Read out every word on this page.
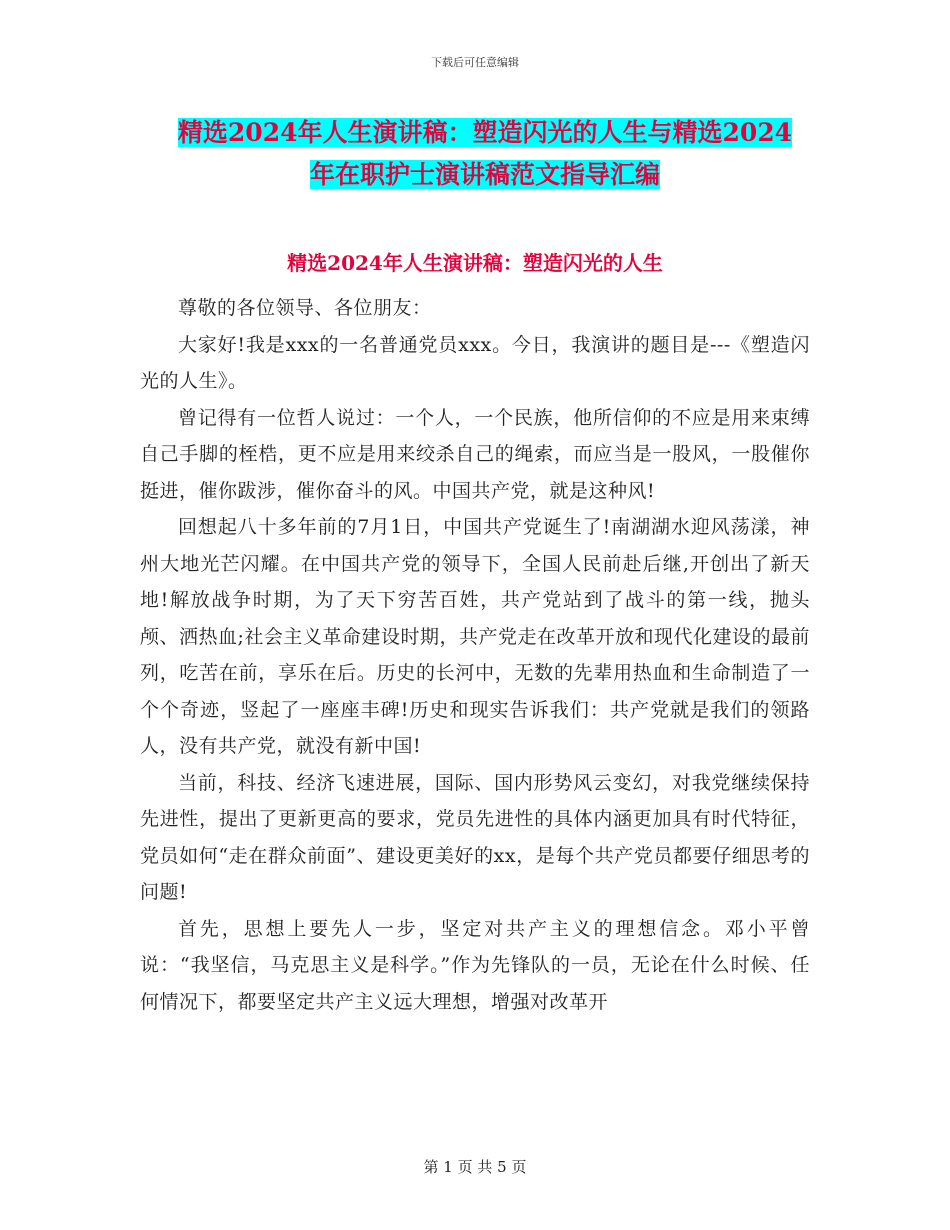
下载后可任意编辑
精选2024年人生演讲稿：塑造闪光的人生与精选2024
年在职护士演讲稿范文指导汇编
精选2024年人生演讲稿：塑造闪光的人生

尊敬的各位领导、各位朋友：

大家好!我是xxx的一名普通党员xxx。今日，我演讲的题目是---《塑造闪光的人生》。

曾记得有一位哲人说过：一个人，一个民族，他所信仰的不应是用来束缚自己手脚的桎梏，更不应是用来绞杀自己的绳索，而应当是一股风，一股催你挺进，催你跋涉，催你奋斗的风。中国共产党，就是这种风!

回想起八十多年前的7月1日，中国共产党诞生了!南湖湖水迎风荡漾，神州大地光芒闪耀。在中国共产党的领导下，全国人民前赴后继,开创出了新天地!解放战争时期，为了天下穷苦百姓，共产党站到了战斗的第一线，抛头颅、洒热血;社会主义革命建设时期，共产党走在改革开放和现代化建设的最前列，吃苦在前，享乐在后。历史的长河中，无数的先辈用热血和生命制造了一个个奇迹，竖起了一座座丰碑!历史和现实告诉我们：共产党就是我们的领路人，没有共产党，就没有新中国!

当前，科技、经济飞速进展，国际、国内形势风云变幻，对我党继续保持先进性，提出了更新更高的要求，党员先进性的具体内涵更加具有时代特征，党员如何“走在群众前面”、建设更美好的xx，是每个共产党员都要仔细思考的问题!

首先，思想上要先人一步，坚定对共产主义的理想信念。邓小平曾说：“我坚信，马克思主义是科学。”作为先锋队的一员，无论在什么时候、任何情况下，都要坚定共产主义远大理想，增强对改革开

第 1 页 共 5 页
